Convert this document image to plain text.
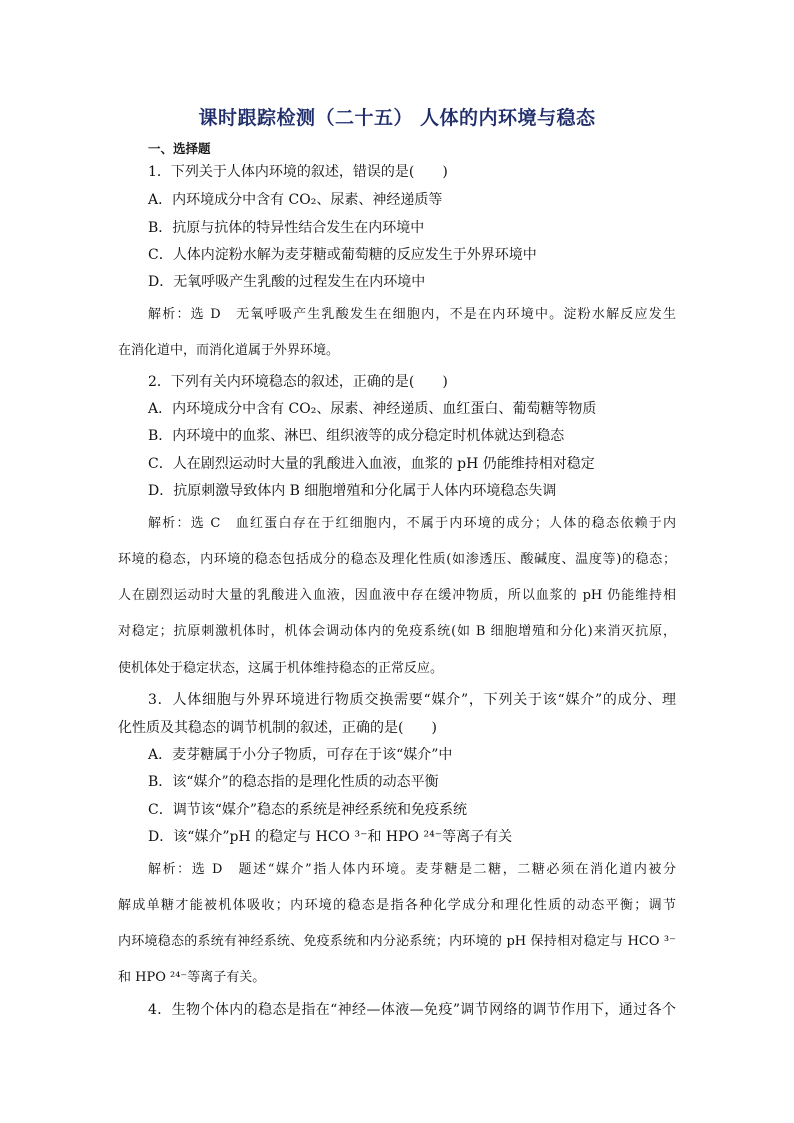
课时跟踪检测（二十五） 人体的内环境与稳态
一、选择题
1．下列关于人体内环境的叙述，错误的是(　　)
A．内环境成分中含有 CO₂、尿素、神经递质等
B．抗原与抗体的特异性结合发生在内环境中
C．人体内淀粉水解为麦芽糖或葡萄糖的反应发生于外界环境中
D．无氧呼吸产生乳酸的过程发生在内环境中
解析：选 D　无氧呼吸产生乳酸发生在细胞内，不是在内环境中。淀粉水解反应发生
在消化道中，而消化道属于外界环境。
2．下列有关内环境稳态的叙述，正确的是(　　)
A．内环境成分中含有 CO₂、尿素、神经递质、血红蛋白、葡萄糖等物质
B．内环境中的血浆、淋巴、组织液等的成分稳定时机体就达到稳态
C．人在剧烈运动时大量的乳酸进入血液，血浆的 pH 仍能维持相对稳定
D．抗原刺激导致体内 B 细胞增殖和分化属于人体内环境稳态失调
解析：选 C　血红蛋白存在于红细胞内，不属于内环境的成分；人体的稳态依赖于内
环境的稳态，内环境的稳态包括成分的稳态及理化性质(如渗透压、酸碱度、温度等)的稳态；
人在剧烈运动时大量的乳酸进入血液，因血液中存在缓冲物质，所以血浆的 pH 仍能维持相
对稳定；抗原刺激机体时，机体会调动体内的免疫系统(如 B 细胞增殖和分化)来消灭抗原，
使机体处于稳定状态，这属于机体维持稳态的正常反应。
3．人体细胞与外界环境进行物质交换需要“媒介”，下列关于该“媒介”的成分、理
化性质及其稳态的调节机制的叙述，正确的是(　　)
A．麦芽糖属于小分子物质，可存在于该“媒介”中
B．该“媒介”的稳态指的是理化性质的动态平衡
C．调节该“媒介”稳态的系统是神经系统和免疫系统
D．该“媒介”pH 的稳定与 HCO ³⁻和 HPO ²⁴⁻等离子有关
解析：选 D　题述“媒介”指人体内环境。麦芽糖是二糖，二糖必须在消化道内被分
解成单糖才能被机体吸收；内环境的稳态是指各种化学成分和理化性质的动态平衡；调节
内环境稳态的系统有神经系统、免疫系统和内分泌系统；内环境的 pH 保持相对稳定与 HCO ³⁻
和 HPO ²⁴⁻等离子有关。
4．生物个体内的稳态是指在“神经—体液—免疫”调节网络的调节作用下，通过各个
